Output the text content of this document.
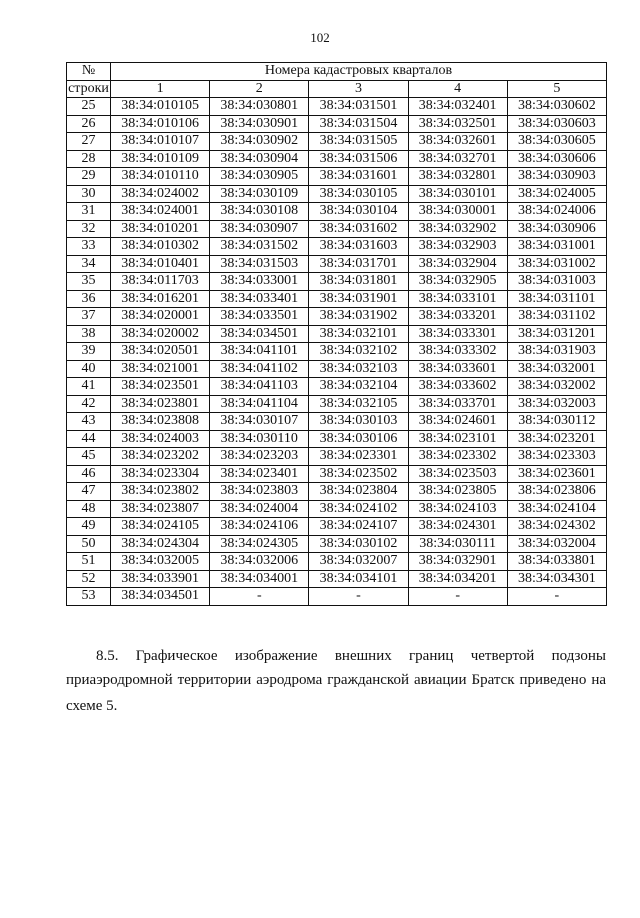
102
№	Номера кадастровых кварталов				
строки	1	2	3	4	5
25	38:34:010105	38:34:030801	38:34:031501	38:34:032401	38:34:030602
26	38:34:010106	38:34:030901	38:34:031504	38:34:032501	38:34:030603
27	38:34:010107	38:34:030902	38:34:031505	38:34:032601	38:34:030605
28	38:34:010109	38:34:030904	38:34:031506	38:34:032701	38:34:030606
29	38:34:010110	38:34:030905	38:34:031601	38:34:032801	38:34:030903
30	38:34:024002	38:34:030109	38:34:030105	38:34:030101	38:34:024005
31	38:34:024001	38:34:030108	38:34:030104	38:34:030001	38:34:024006
32	38:34:010201	38:34:030907	38:34:031602	38:34:032902	38:34:030906
33	38:34:010302	38:34:031502	38:34:031603	38:34:032903	38:34:031001
34	38:34:010401	38:34:031503	38:34:031701	38:34:032904	38:34:031002
35	38:34:011703	38:34:033001	38:34:031801	38:34:032905	38:34:031003
36	38:34:016201	38:34:033401	38:34:031901	38:34:033101	38:34:031101
37	38:34:020001	38:34:033501	38:34:031902	38:34:033201	38:34:031102
38	38:34:020002	38:34:034501	38:34:032101	38:34:033301	38:34:031201
39	38:34:020501	38:34:041101	38:34:032102	38:34:033302	38:34:031903
40	38:34:021001	38:34:041102	38:34:032103	38:34:033601	38:34:032001
41	38:34:023501	38:34:041103	38:34:032104	38:34:033602	38:34:032002
42	38:34:023801	38:34:041104	38:34:032105	38:34:033701	38:34:032003
43	38:34:023808	38:34:030107	38:34:030103	38:34:024601	38:34:030112
44	38:34:024003	38:34:030110	38:34:030106	38:34:023101	38:34:023201
45	38:34:023202	38:34:023203	38:34:023301	38:34:023302	38:34:023303
46	38:34:023304	38:34:023401	38:34:023502	38:34:023503	38:34:023601
47	38:34:023802	38:34:023803	38:34:023804	38:34:023805	38:34:023806
48	38:34:023807	38:34:024004	38:34:024102	38:34:024103	38:34:024104
49	38:34:024105	38:34:024106	38:34:024107	38:34:024301	38:34:024302
50	38:34:024304	38:34:024305	38:34:030102	38:34:030111	38:34:032004
51	38:34:032005	38:34:032006	38:34:032007	38:34:032901	38:34:033801
52	38:34:033901	38:34:034001	38:34:034101	38:34:034201	38:34:034301
53	38:34:034501	-	-	-	-
8.5. Графическое изображение внешних границ четвертой подзоны
приаэродромной территории аэродрома гражданской авиации Братск приведено на
схеме 5.
